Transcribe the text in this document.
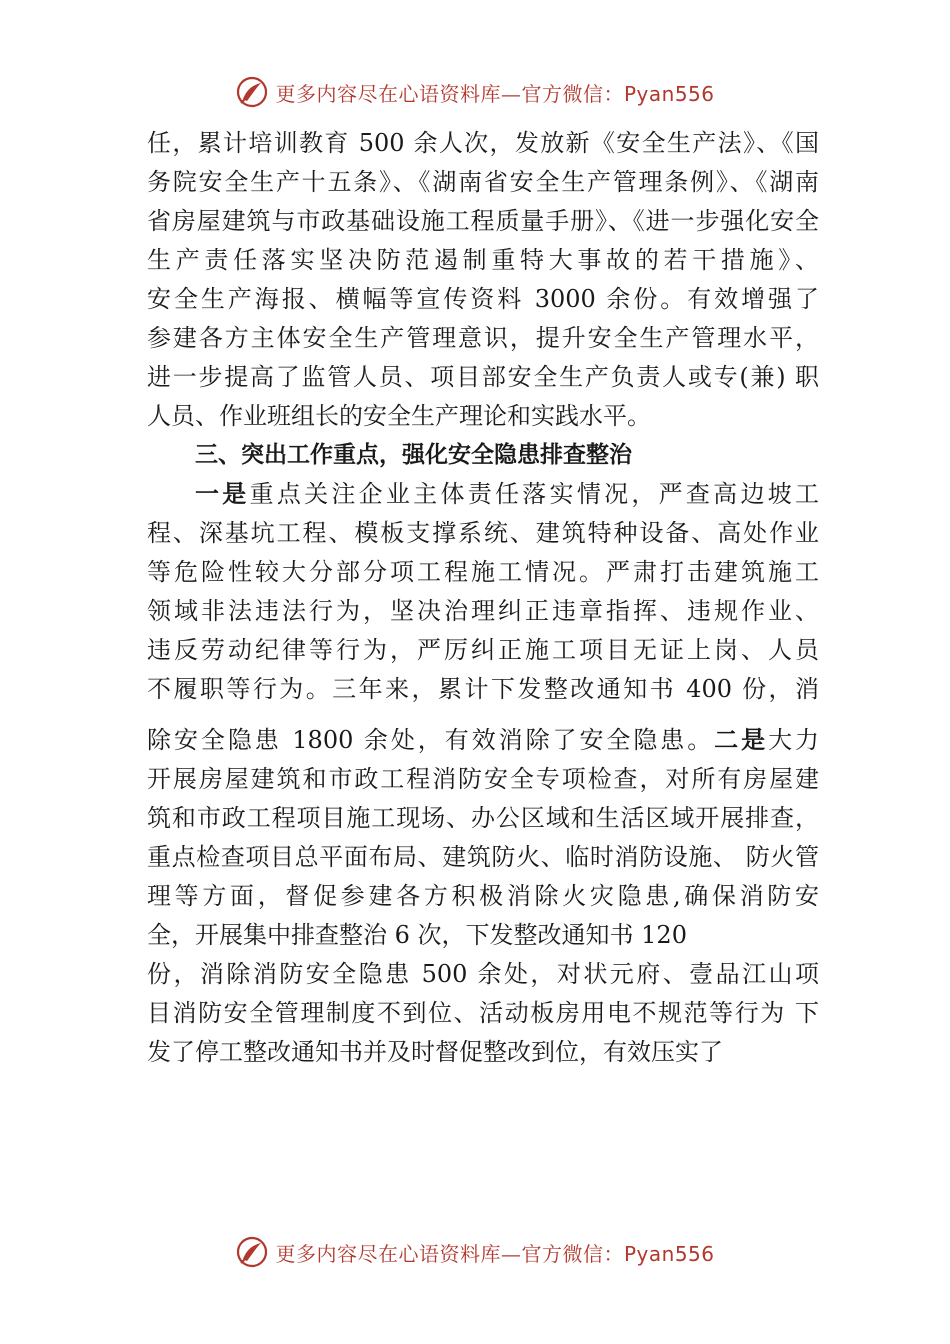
更多内容尽在心语资料库—官方微信：Pyan556
任，累计培训教育 500 余人次，发放新《安全生产法》、《国
务院安全生产十五条》、《湖南省安全生产管理条例》、《湖南
省房屋建筑与市政基础设施工程质量手册》、《进一步强化安全
生产责任落实坚决防范遏制重特大事故的若干措施》、
安全生产海报、横幅等宣传资料 3000 余份。有效增强了
参建各方主体安全生产管理意识，提升安全生产管理水平，
进一步提高了监管人员、项目部安全生产负责人或专(兼) 职
人员、作业班组长的安全生产理论和实践水平。
三、突出工作重点，强化安全隐患排查整治
一是重点关注企业主体责任落实情况，严查高边坡工
程、深基坑工程、模板支撑系统、建筑特种设备、高处作业
等危险性较大分部分项工程施工情况。严肃打击建筑施工
领域非法违法行为，坚决治理纠正违章指挥、违规作业、
违反劳动纪律等行为，严厉纠正施工项目无证上岗、人员
不履职等行为。三年来，累计下发整改通知书 400 份，消
除安全隐患 1800 余处，有效消除了安全隐患。二是大力
开展房屋建筑和市政工程消防安全专项检查，对所有房屋建
筑和市政工程项目施工现场、办公区域和生活区域开展排查，
重点检查项目总平面布局、建筑防火、临时消防设施、 防火管
理等方面，督促参建各方积极消除火灾隐患,确保消防安
全，开展集中排查整治 6 次，下发整改通知书 120
份，消除消防安全隐患 500 余处，对状元府、壹品江山项
目消防安全管理制度不到位、活动板房用电不规范等行为 下
发了停工整改通知书并及时督促整改到位，有效压实了
更多内容尽在心语资料库—官方微信：Pyan556
